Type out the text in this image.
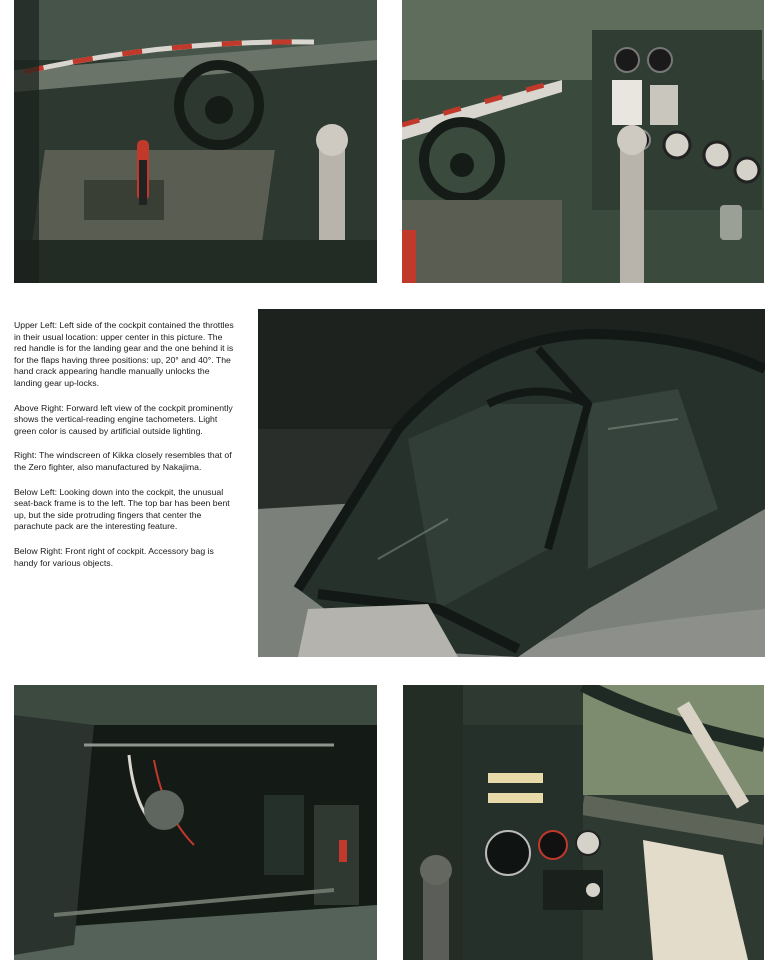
Upper Left: Left side of the cockpit contained the throttles in their usual location: upper center in this picture. The red handle is for the landing gear and the one behind it is for the flaps having three positions: up, 20° and 40°. The hand crack appearing handle manually unlocks the landing gear up-locks.

Above Right: Forward left view of the cockpit prominently shows the vertical-reading engine tachometers. Light green color is caused by artificial outside lighting.

Right: The windscreen of Kikka closely resembles that of the Zero fighter, also manufactured by Nakajima.

Below Left: Looking down into the cockpit, the unusual seat-back frame is to the left. The top bar has been bent up, but the side protruding fingers that center the parachute pack are the interesting feature.

Below Right: Front right of cockpit. Accessory bag is handy for various objects.
